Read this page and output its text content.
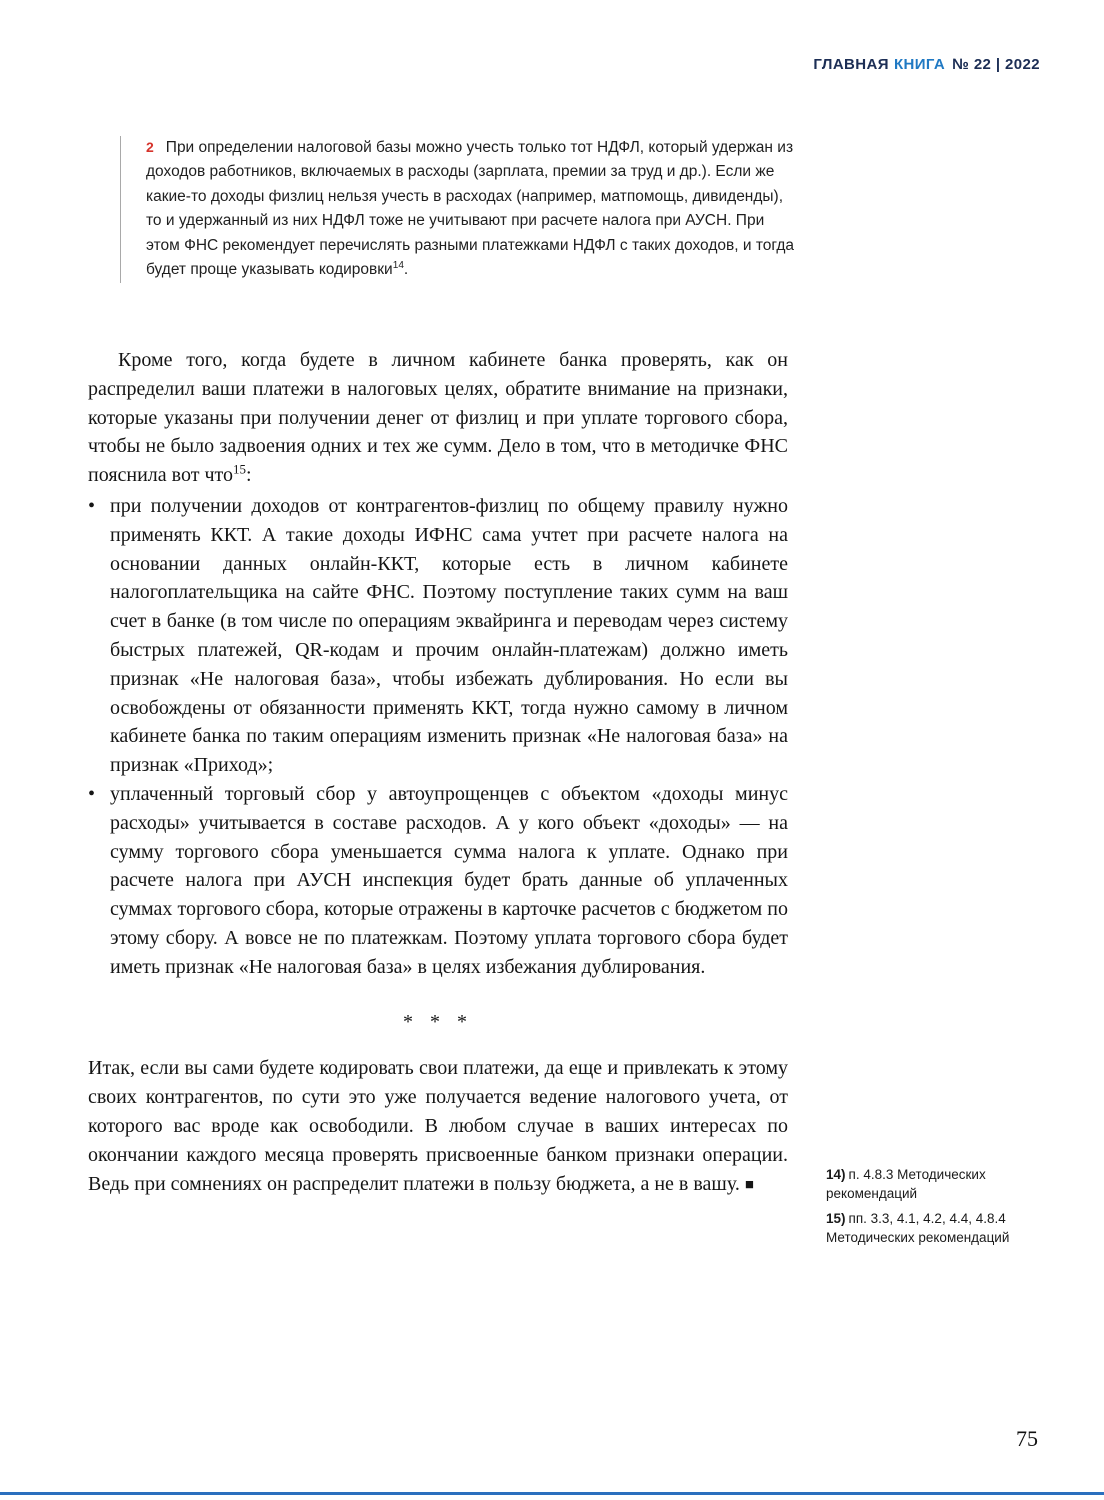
ГЛАВНАЯ КНИГА № 22 | 2022
2 При определении налоговой базы можно учесть только тот НДФЛ, который удержан из доходов работников, включаемых в расходы (зарплата, премии за труд и др.). Если же какие-то доходы физлиц нельзя учесть в расходах (например, матпомощь, дивиденды), то и удержанный из них НДФЛ тоже не учитывают при расчете налога при АУСН. При этом ФНС рекомендует перечислять разными платежками НДФЛ с таких доходов, и тогда будет проще указывать кодировки$^{14}$.

Кроме того, когда будете в личном кабинете банка проверять, как он распределил ваши платежи в налоговых целях, обратите внимание на признаки, которые указаны при получении денег от физлиц и при уплате торгового сбора, чтобы не было задвоения одних и тех же сумм. Дело в том, что в методичке ФНС пояснила вот что$^{15}$:

• при получении доходов от контрагентов-физлиц по общему правилу нужно применять ККТ. А такие доходы ИФНС сама учтет при расчете налога на основании данных онлайн-ККТ, которые есть в личном кабинете налогоплательщика на сайте ФНС. Поэтому поступление таких сумм на ваш счет в банке (в том числе по операциям эквайринга и переводам через систему быстрых платежей, QR-кодам и прочим онлайн-платежам) должно иметь признак «Не налоговая база», чтобы избежать дублирования. Но если вы освобождены от обязанности применять ККТ, тогда нужно самому в личном кабинете банка по таким операциям изменить признак «Не налоговая база» на признак «Приход»;
• уплаченный торговый сбор у автоупрощенцев с объектом «доходы минус расходы» учитывается в составе расходов. А у кого объект «доходы» — на сумму торгового сбора уменьшается сумма налога к уплате. Однако при расчете налога при АУСН инспекция будет брать данные об уплаченных суммах торгового сбора, которые отражены в карточке расчетов с бюджетом по этому сбору. А вовсе не по платежкам. Поэтому уплата торгового сбора будет иметь признак «Не налоговая база» в целях избежания дублирования.
* * *

Итак, если вы сами будете кодировать свои платежи, да еще и привлекать к этому своих контрагентов, по сути это уже получается ведение налогового учета, от которого вас вроде как освободили. В любом случае в ваших интересах по окончании каждого месяца проверять присвоенные банком признаки операции. Ведь при сомнениях он распределит платежи в пользу бюджета, а не в вашу. ■

14) п. 4.8.3 Методических рекомендаций
15) пп. 3.3, 4.1, 4.2, 4.4, 4.8.4 Методических рекомендаций
75
